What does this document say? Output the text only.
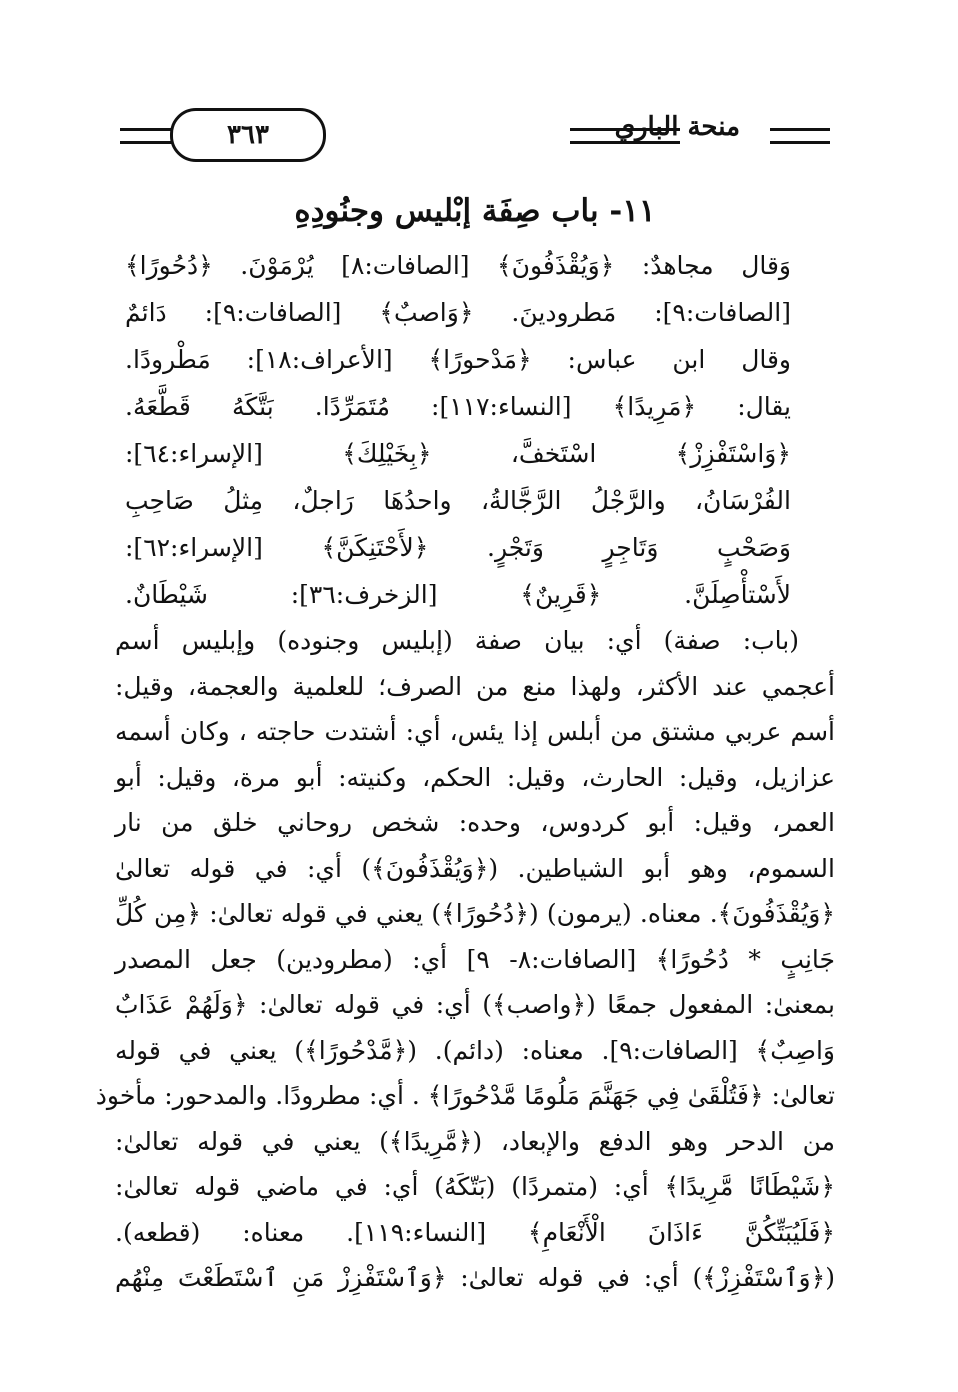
٣٦٣	منحة الباري
١١- باب صِفَة إبْليس وجنُودِهِ

وَقال مجاهدٌ: ﴿وَيُقْذَفُونَ﴾ [الصافات:٨] يُرْمَوْنَ. ﴿دُحُورًا﴾

[الصافات:٩]: مَطرودينَ. ﴿وَاصبٌ﴾ [الصافات:٩]: دَائمٌ

وقال ابن عباس: ﴿مَدْحورًا﴾ [الأعراف:١٨]: مَطْرودًا.

يقال: ﴿مَرِيدًا﴾ [النساء:١١٧]: مُتَمَرِّدًا. بَتَّكَهُ قَطَّعَهُ.

﴿وَاسْتَفْزِزْ﴾ اسْتَخفَّ، ﴿بِخَيْلِكَ﴾ [الإسراء:٦٤]:

الفُرْسَانُ، والرَّجْلُ الرَّجَّالةُ، واحدُهَا رَاجلٌ، مِثلُ صَاحِبِ

وَصَحْبٍ وَتَاجِرٍ وَتَجْرٍ. ﴿لأَحْتَنِكَنَّ﴾ [الإسراء:٦٢]:

لأَسْتأْصِلَنَّ. ﴿قَرِينٌ﴾ [الزخرف:٣٦]: شَيْطَانٌ.

(باب: صفة) أي: بيان صفة (إبليس وجنوده) وإبليس أسم

أعجمي عند الأكثر، ولهذا منع من الصرف؛ للعلمية والعجمة، وقيل:

أسم عربي مشتق من أبلس إذا يئس، أي: أشتدت حاجته ، وكان أسمه

عزازيل، وقيل: الحارث، وقيل: الحكم، وكنيته: أبو مرة، وقيل: أبو

العمر، وقيل: أبو كردوس، وحده: شخص روحاني خلق من نار

السموم، وهو أبو الشياطين. (﴿وَيُقْذَفُونَ﴾) أي: في قوله تعالىٰ

﴿وَيُقْذَفُونَ﴾. معناه. (يرمون) (﴿دُحُورًا﴾) يعني في قوله تعالىٰ: ﴿مِن كُلِّ

جَانِبٍ * دُحُورًا﴾ [الصافات:٨- ٩] أي: (مطرودين) جعل المصدر

بمعنىٰ: المفعول جمعًا (﴿واصب﴾) أي: في قوله تعالىٰ: ﴿وَلَهُمْ عَذَابٌ

وَاصِبٌ﴾ [الصافات:٩]. معناه: (دائم). (﴿مَّدْحُورًا﴾) يعني في قوله

تعالىٰ: ﴿فَتُلْقَىٰ فِي جَهَنَّمَ مَلُومًا مَّدْحُورًا﴾ . أي: مطرودًا. والمدحور: مأخوذ

من الدحر وهو الدفع والإبعاد، (﴿مَّرِيدًا﴾) يعني في قوله تعالىٰ:

﴿شَيْطَانًا مَّرِيدًا﴾ أي: (متمردًا) (بَتّكَهُ) أي: في ماضي قوله تعالىٰ:

﴿فَلَيُبَتِّكُنَّ ءَاذَانَ الْأَنْعَامِ﴾ [النساء:١١٩]. معناه: (قطعه).

(﴿وَٱسْتَفْزِزْ﴾) أي: في قوله تعالىٰ: ﴿وَٱسْتَفْزِزْ مَنِ ٱسْتَطَعْتَ مِنْهُم
